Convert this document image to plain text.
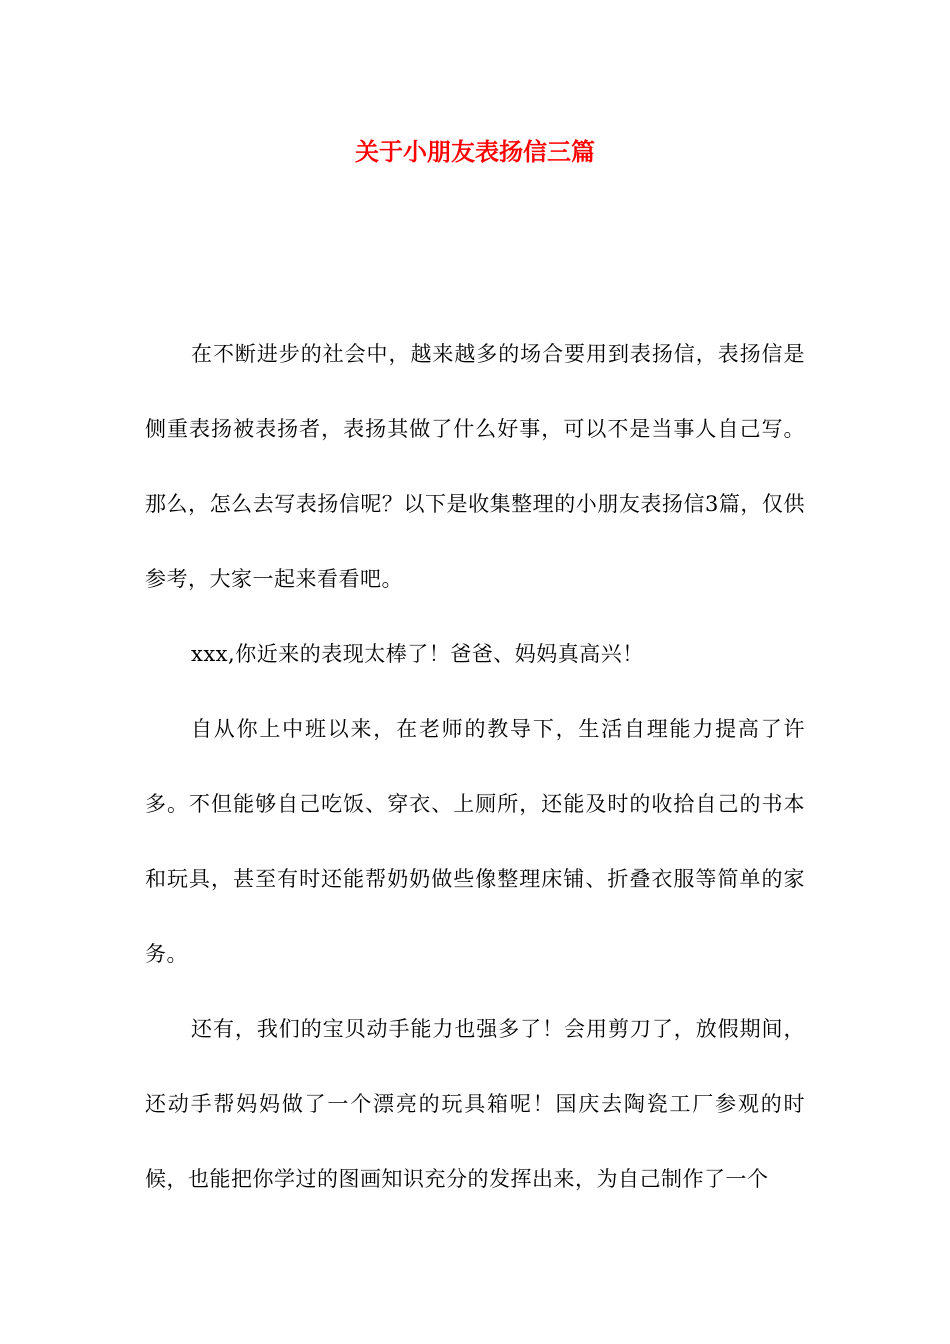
关于小朋友表扬信三篇

在不断进步的社会中，越来越多的场合要用到表扬信，表扬信是侧重表扬被表扬者，表扬其做了什么好事，可以不是当事人自己写。那么，怎么去写表扬信呢？以下是收集整理的小朋友表扬信3篇，仅供参考，大家一起来看看吧。

xxx,你近来的表现太棒了！爸爸、妈妈真高兴！

自从你上中班以来，在老师的教导下，生活自理能力提高了许多。不但能够自己吃饭、穿衣、上厕所，还能及时的收拾自己的书本和玩具，甚至有时还能帮奶奶做些像整理床铺、折叠衣服等简单的家务。

还有，我们的宝贝动手能力也强多了！会用剪刀了，放假期间，还动手帮妈妈做了一个漂亮的玩具箱呢！国庆去陶瓷工厂参观的时候，也能把你学过的图画知识充分的发挥出来，为自己制作了一个
